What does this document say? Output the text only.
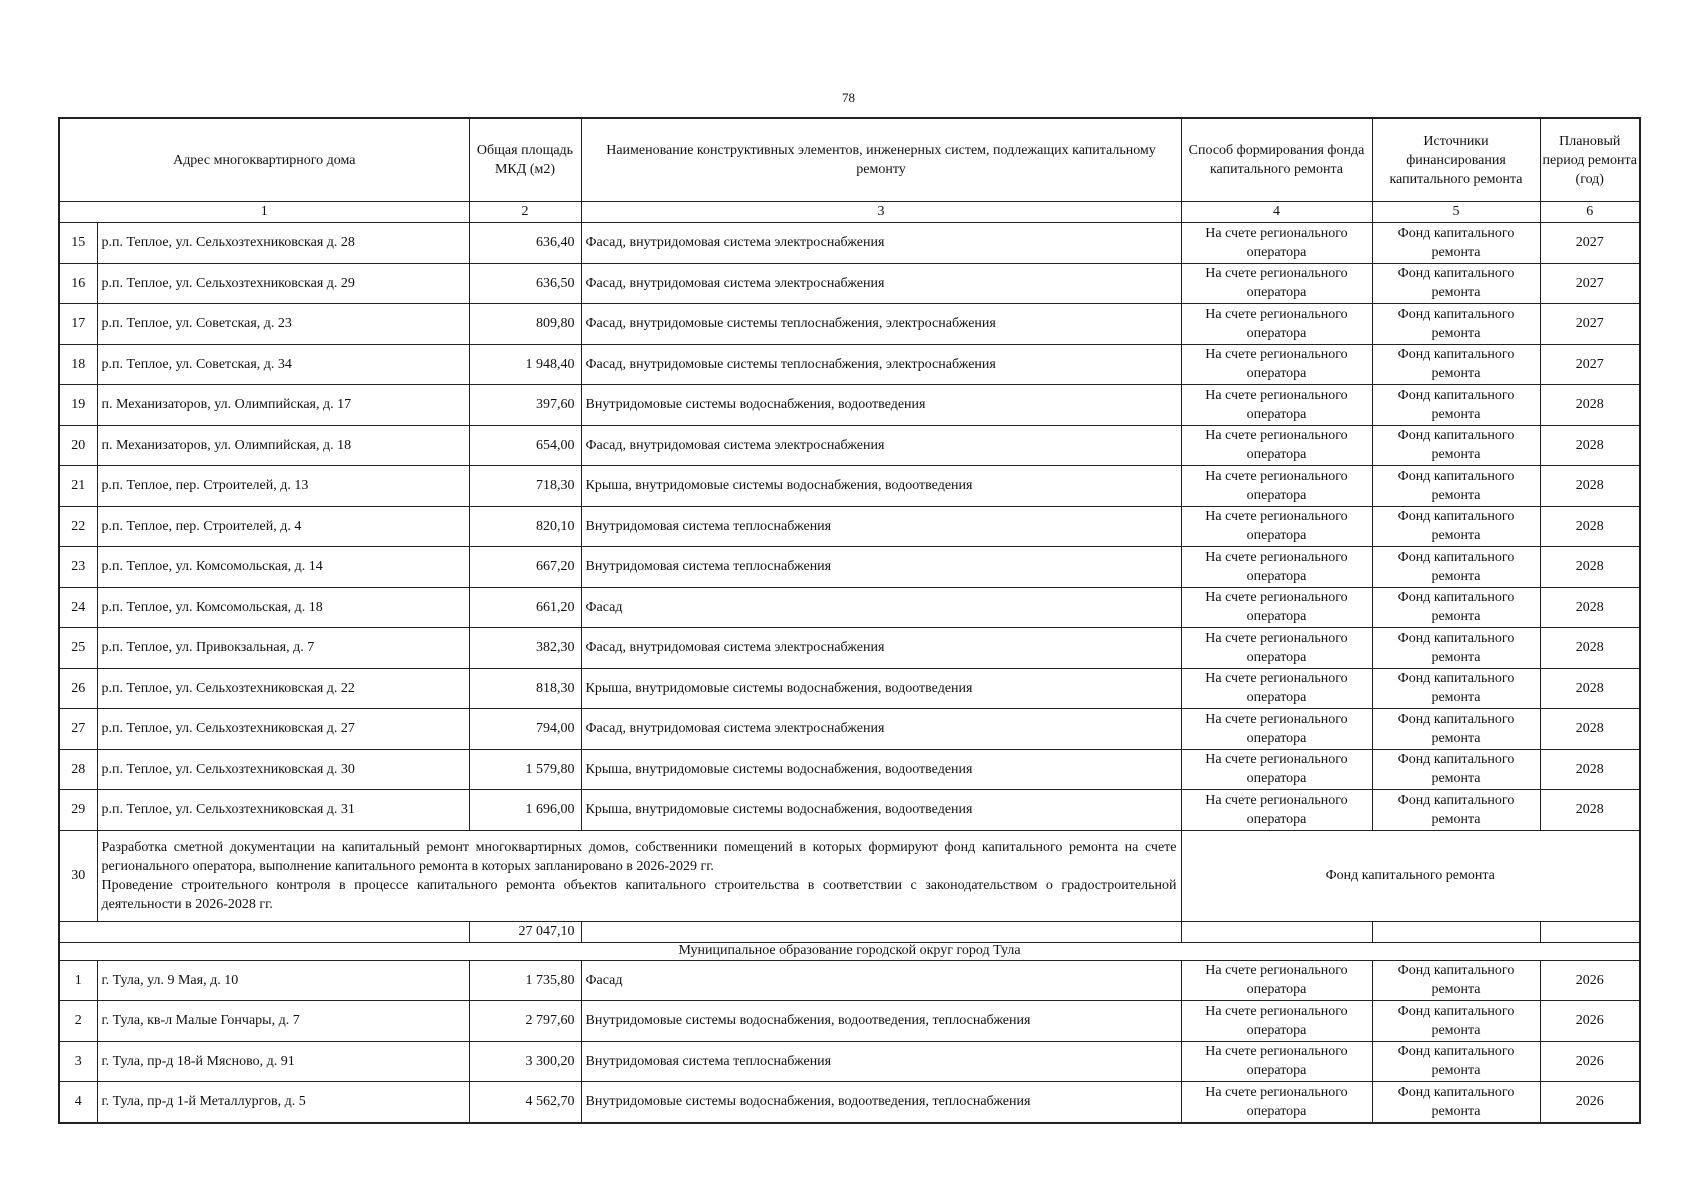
78
Адрес многоквартирного дома		Общая площадь МКД (м2)	Наименование конструктивных элементов, инженерных систем, подлежащих капитальному ремонту	Способ формирования фонда капитального ремонта	Источники финансирования капитального ремонта	Плановый период ремонта (год)
1		2	3	4	5	6
15	р.п. Теплое, ул. Сельхозтехниковская д. 28	636,40	Фасад, внутридомовая система электроснабжения	На счете регионального оператора	Фонд капитального ремонта	2027
16	р.п. Теплое, ул. Сельхозтехниковская д. 29	636,50	Фасад, внутридомовая система электроснабжения	На счете регионального оператора	Фонд капитального ремонта	2027
17	р.п. Теплое, ул. Советская, д. 23	809,80	Фасад, внутридомовые системы теплоснабжения, электроснабжения	На счете регионального оператора	Фонд капитального ремонта	2027
18	р.п. Теплое, ул. Советская, д. 34	1 948,40	Фасад, внутридомовые системы теплоснабжения, электроснабжения	На счете регионального оператора	Фонд капитального ремонта	2027
19	п. Механизаторов, ул. Олимпийская, д. 17	397,60	Внутридомовые системы водоснабжения, водоотведения	На счете регионального оператора	Фонд капитального ремонта	2028
20	п. Механизаторов, ул. Олимпийская, д. 18	654,00	Фасад, внутридомовая система электроснабжения	На счете регионального оператора	Фонд капитального ремонта	2028
21	р.п. Теплое, пер. Строителей, д. 13	718,30	Крыша, внутридомовые системы водоснабжения, водоотведения	На счете регионального оператора	Фонд капитального ремонта	2028
22	р.п. Теплое, пер. Строителей, д. 4	820,10	Внутридомовая система теплоснабжения	На счете регионального оператора	Фонд капитального ремонта	2028
23	р.п. Теплое, ул. Комсомольская, д. 14	667,20	Внутридомовая система теплоснабжения	На счете регионального оператора	Фонд капитального ремонта	2028
24	р.п. Теплое, ул. Комсомольская, д. 18	661,20	Фасад	На счете регионального оператора	Фонд капитального ремонта	2028
25	р.п. Теплое, ул. Привокзальная, д. 7	382,30	Фасад, внутридомовая система электроснабжения	На счете регионального оператора	Фонд капитального ремонта	2028
26	р.п. Теплое, ул. Сельхозтехниковская д. 22	818,30	Крыша, внутридомовые системы водоснабжения, водоотведения	На счете регионального оператора	Фонд капитального ремонта	2028
27	р.п. Теплое, ул. Сельхозтехниковская д. 27	794,00	Фасад, внутридомовая система электроснабжения	На счете регионального оператора	Фонд капитального ремонта	2028
28	р.п. Теплое, ул. Сельхозтехниковская д. 30	1 579,80	Крыша, внутридомовые системы водоснабжения, водоотведения	На счете регионального оператора	Фонд капитального ремонта	2028
29	р.п. Теплое, ул. Сельхозтехниковская д. 31	1 696,00	Крыша, внутридомовые системы водоснабжения, водоотведения	На счете регионального оператора	Фонд капитального ремонта	2028
30	Разработка сметной документации на капитальный ремонт многоквартирных домов, собственники помещений в которых формируют фонд капитального ремонта на счете регионального оператора, выполнение капитального ремонта в которых запланировано в 2026-2029 гг.
Проведение строительного контроля в процессе капитального ремонта объектов капитального строительства в соответствии с законодательством о градостроительной деятельности в 2026-2028 гг.			Фонд капитального ремонта		
		27 047,10				
Муниципальное образование городской округ город Тула						
1	г. Тула, ул. 9 Мая, д. 10	1 735,80	Фасад	На счете регионального оператора	Фонд капитального ремонта	2026
2	г. Тула, кв-л Малые Гончары, д. 7	2 797,60	Внутридомовые системы водоснабжения, водоотведения, теплоснабжения	На счете регионального оператора	Фонд капитального ремонта	2026
3	г. Тула, пр-д 18-й Мясново, д. 91	3 300,20	Внутридомовая система теплоснабжения	На счете регионального оператора	Фонд капитального ремонта	2026
4	г. Тула, пр-д 1-й Металлургов, д. 5	4 562,70	Внутридомовые системы водоснабжения, водоотведения, теплоснабжения	На счете регионального оператора	Фонд капитального ремонта	2026
